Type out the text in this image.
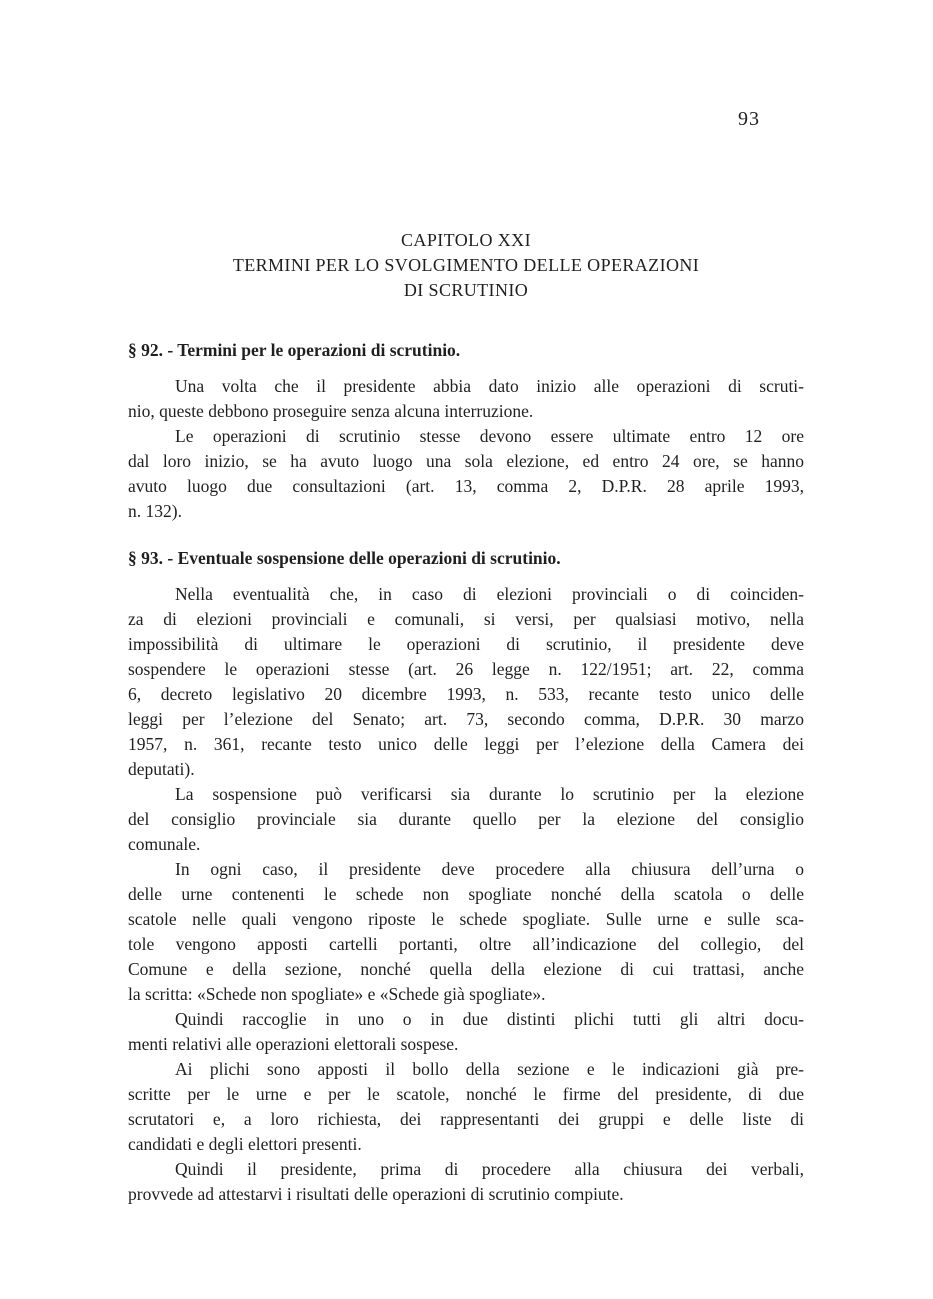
93
CAPITOLO XXI
TERMINI PER LO SVOLGIMENTO DELLE OPERAZIONI
DI SCRUTINIO
§ 92. - Termini per le operazioni di scrutinio.
Una volta che il presidente abbia dato inizio alle operazioni di scruti-
nio, queste debbono proseguire senza alcuna interruzione.
Le operazioni di scrutinio stesse devono essere ultimate entro 12 ore
dal loro inizio, se ha avuto luogo una sola elezione, ed entro 24 ore, se hanno
avuto luogo due consultazioni (art. 13, comma 2, D.P.R. 28 aprile 1993,
n. 132).
§ 93. - Eventuale sospensione delle operazioni di scrutinio.
Nella eventualità che, in caso di elezioni provinciali o di coinciden-
za di elezioni provinciali e comunali, si versi, per qualsiasi motivo, nella
impossibilità di ultimare le operazioni di scrutinio, il presidente deve
sospendere le operazioni stesse (art. 26 legge n. 122/1951; art. 22, comma
6, decreto legislativo 20 dicembre 1993, n. 533, recante testo unico delle
leggi per l’elezione del Senato; art. 73, secondo comma, D.P.R. 30 marzo
1957, n. 361, recante testo unico delle leggi per l’elezione della Camera dei
deputati).
La sospensione può verificarsi sia durante lo scrutinio per la elezione
del consiglio provinciale sia durante quello per la elezione del consiglio
comunale.
In ogni caso, il presidente deve procedere alla chiusura dell’urna o
delle urne contenenti le schede non spogliate nonché della scatola o delle
scatole nelle quali vengono riposte le schede spogliate. Sulle urne e sulle sca-
tole vengono apposti cartelli portanti, oltre all’indicazione del collegio, del
Comune e della sezione, nonché quella della elezione di cui trattasi, anche
la scritta: «Schede non spogliate» e «Schede già spogliate».
Quindi raccoglie in uno o in due distinti plichi tutti gli altri docu-
menti relativi alle operazioni elettorali sospese.
Ai plichi sono apposti il bollo della sezione e le indicazioni già pre-
scritte per le urne e per le scatole, nonché le firme del presidente, di due
scrutatori e, a loro richiesta, dei rappresentanti dei gruppi e delle liste di
candidati e degli elettori presenti.
Quindi il presidente, prima di procedere alla chiusura dei verbali,
provvede ad attestarvi i risultati delle operazioni di scrutinio compiute.
